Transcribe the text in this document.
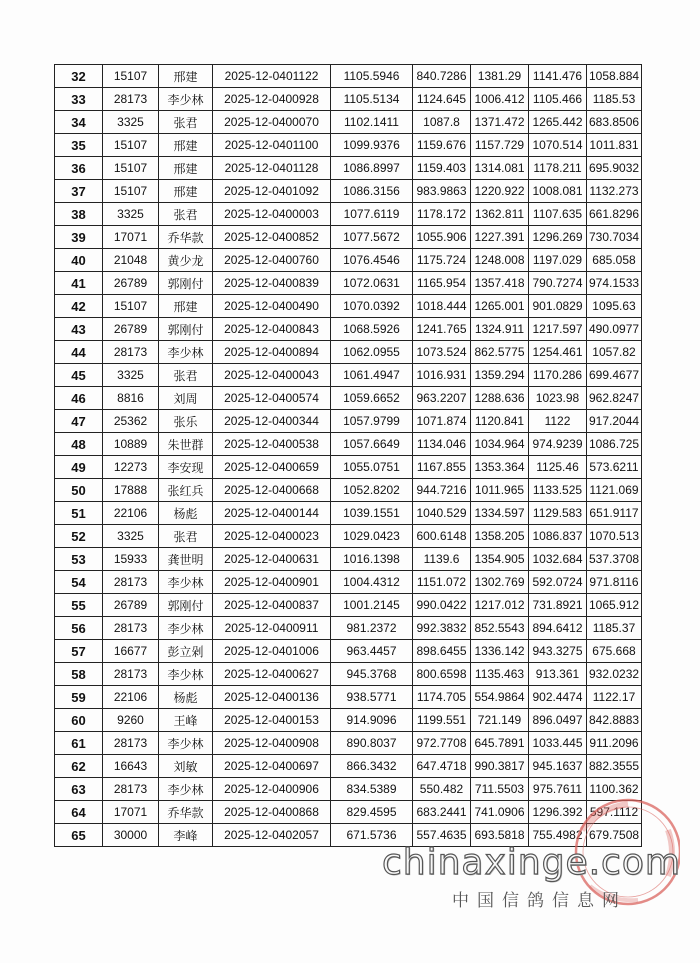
32	15107	邢建	2025-12-0401122	1105.5946	840.7286	1381.29	1141.476	1058.884
33	28173	李少林	2025-12-0400928	1105.5134	1124.645	1006.412	1105.466	1185.53
34	3325	张君	2025-12-0400070	1102.1411	1087.8	1371.472	1265.442	683.8506
35	15107	邢建	2025-12-0401100	1099.9376	1159.676	1157.729	1070.514	1011.831
36	15107	邢建	2025-12-0401128	1086.8997	1159.403	1314.081	1178.211	695.9032
37	15107	邢建	2025-12-0401092	1086.3156	983.9863	1220.922	1008.081	1132.273
38	3325	张君	2025-12-0400003	1077.6119	1178.172	1362.811	1107.635	661.8296
39	17071	乔华款	2025-12-0400852	1077.5672	1055.906	1227.391	1296.269	730.7034
40	21048	黄少龙	2025-12-0400760	1076.4546	1175.724	1248.008	1197.029	685.058
41	26789	郭刚付	2025-12-0400839	1072.0631	1165.954	1357.418	790.7274	974.1533
42	15107	邢建	2025-12-0400490	1070.0392	1018.444	1265.001	901.0829	1095.63
43	26789	郭刚付	2025-12-0400843	1068.5926	1241.765	1324.911	1217.597	490.0977
44	28173	李少林	2025-12-0400894	1062.0955	1073.524	862.5775	1254.461	1057.82
45	3325	张君	2025-12-0400043	1061.4947	1016.931	1359.294	1170.286	699.4677
46	8816	刘周	2025-12-0400574	1059.6652	963.2207	1288.636	1023.98	962.8247
47	25362	张乐	2025-12-0400344	1057.9799	1071.874	1120.841	1122	917.2044
48	10889	朱世群	2025-12-0400538	1057.6649	1134.046	1034.964	974.9239	1086.725
49	12273	李安现	2025-12-0400659	1055.0751	1167.855	1353.364	1125.46	573.6211
50	17888	张红兵	2025-12-0400668	1052.8202	944.7216	1011.965	1133.525	1121.069
51	22106	杨彪	2025-12-0400144	1039.1551	1040.529	1334.597	1129.583	651.9117
52	3325	张君	2025-12-0400023	1029.0423	600.6148	1358.205	1086.837	1070.513
53	15933	龚世明	2025-12-0400631	1016.1398	1139.6	1354.905	1032.684	537.3708
54	28173	李少林	2025-12-0400901	1004.4312	1151.072	1302.769	592.0724	971.8116
55	26789	郭刚付	2025-12-0400837	1001.2145	990.0422	1217.012	731.8921	1065.912
56	28173	李少林	2025-12-0400911	981.2372	992.3832	852.5543	894.6412	1185.37
57	16677	彭立剁	2025-12-0401006	963.4457	898.6455	1336.142	943.3275	675.668
58	28173	李少林	2025-12-0400627	945.3768	800.6598	1135.463	913.361	932.0232
59	22106	杨彪	2025-12-0400136	938.5771	1174.705	554.9864	902.4474	1122.17
60	9260	王峰	2025-12-0400153	914.9096	1199.551	721.149	896.0497	842.8883
61	28173	李少林	2025-12-0400908	890.8037	972.7708	645.7891	1033.445	911.2096
62	16643	刘敏	2025-12-0400697	866.3432	647.4718	990.3817	945.1637	882.3555
63	28173	李少林	2025-12-0400906	834.5389	550.482	711.5503	975.7611	1100.362
64	17071	乔华款	2025-12-0400868	829.4595	683.2441	741.0906	1296.392	597.1112
65	30000	李峰	2025-12-0402057	671.5736	557.4635	693.5818	755.4982	679.7508
chinaxinge.com
中国信鸽信息网
